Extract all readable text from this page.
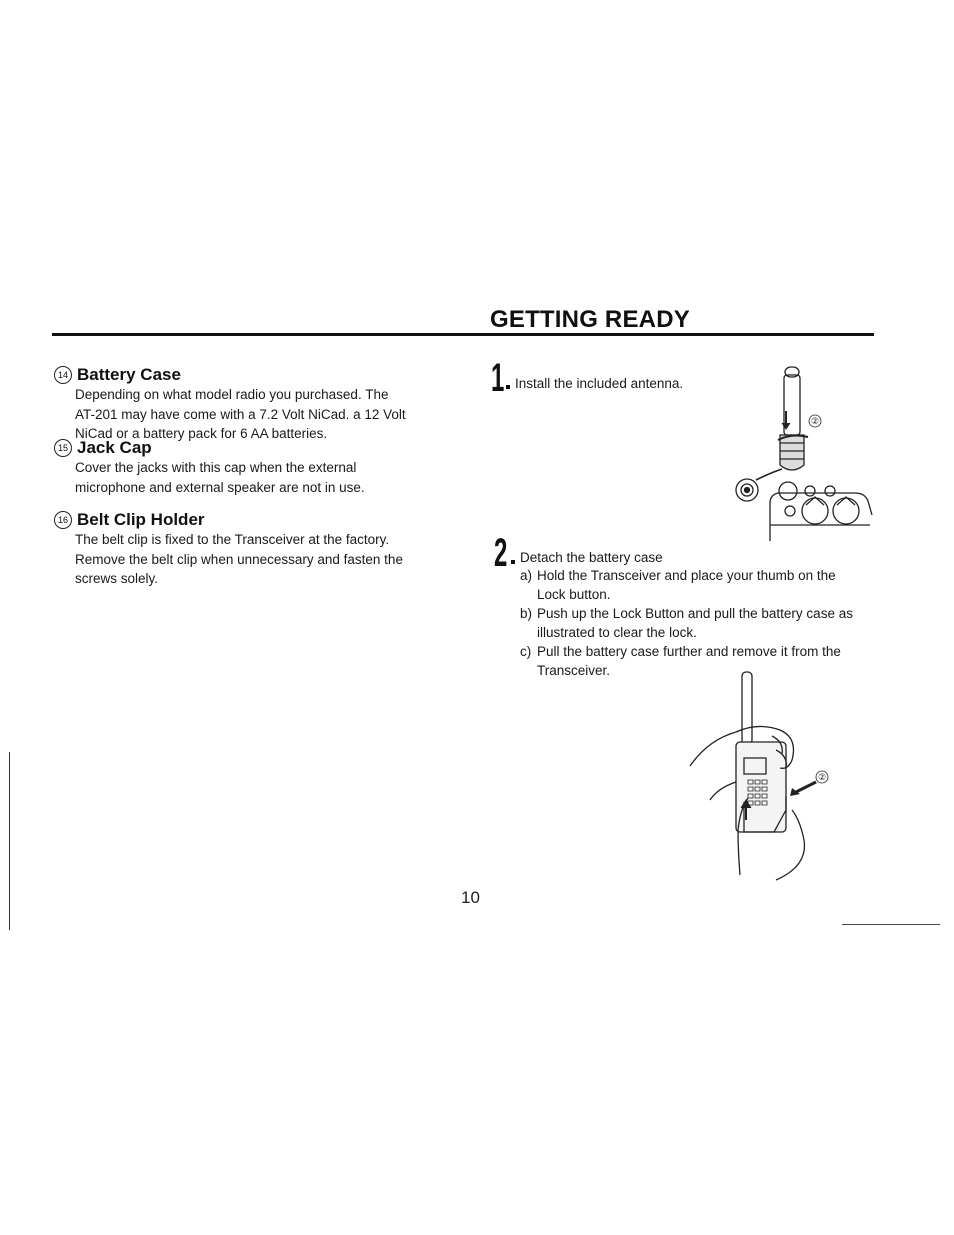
GETTING READY
14 Battery Case
Depending on what model radio you purchased. The
AT-201 may have come with a 7.2 Volt NiCad. a 12 Volt
NiCad or a battery pack for 6 AA batteries.
15 Jack Cap
Cover the jacks with this cap when the external
microphone and external speaker are not in use.
16 Belt Clip Holder
The belt clip is fixed to the Transceiver at the factory.
Remove the belt clip when unnecessary and fasten the
screws solely.
1 Install the included antenna.
②
2 Detach the battery case
a) Hold the Transceiver and place your thumb on the
Lock button.
b) Push up the Lock Button and pull the battery case as
illustrated to clear the lock.
c) Pull the battery case further and remove it from the
Transceiver.
②
10
